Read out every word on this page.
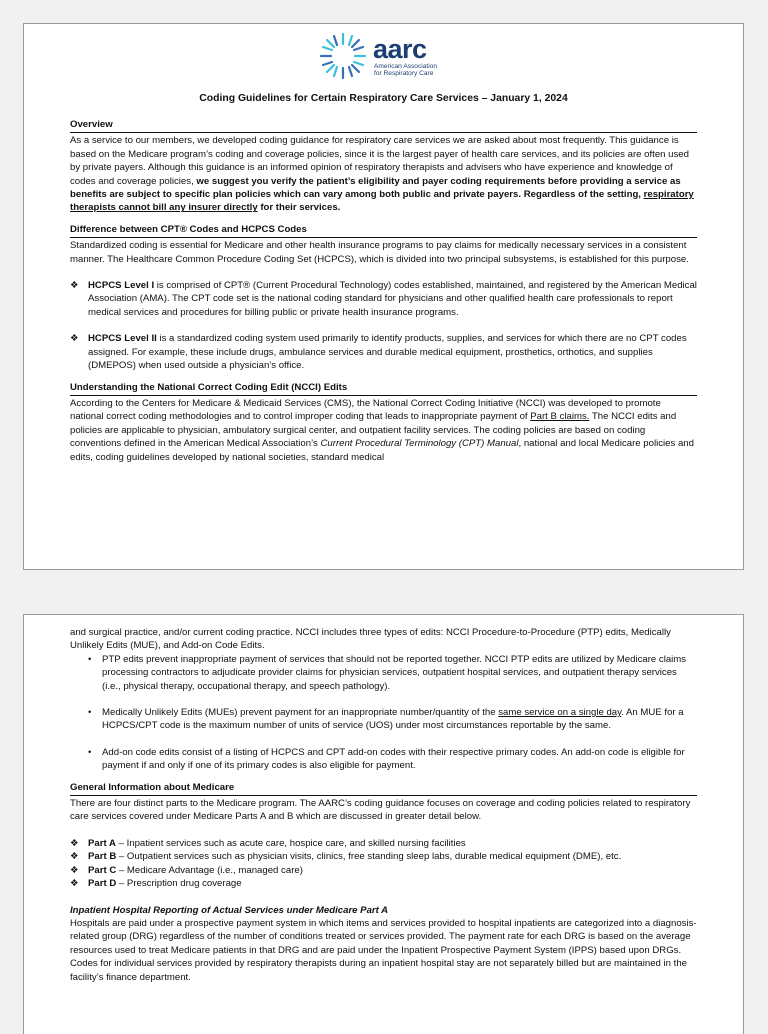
aarc
American Association
for Respiratory Care
Coding Guidelines for Certain Respiratory Care Services – January 1, 2024
Overview

As a service to our members, we developed coding guidance for respiratory care services we are asked about most frequently. This guidance is based on the Medicare program’s coding and coverage policies, since it is the largest payer of health care services, and its policies are often used by private payers. Although this guidance is an informed opinion of respiratory therapists and advisers who have experience and knowledge of codes and coverage policies, we suggest you verify the patient’s eligibility and payer coding requirements before providing a service as benefits are subject to specific plan policies which can vary among both public and private payers. Regardless of the setting, respiratory therapists cannot bill any insurer directly for their services.

Difference between CPT® Codes and HCPCS Codes

Standardized coding is essential for Medicare and other health insurance programs to pay claims for medically necessary services in a consistent manner. The Healthcare Common Procedure Coding Set (HCPCS), which is divided into two principal subsystems, is established for this purpose.

❖ HCPCS Level I is comprised of CPT® (Current Procedural Technology) codes established, maintained, and registered by the American Medical Association (AMA). The CPT code set is the national coding standard for physicians and other qualified health care professionals to report medical services and procedures for billing public or private health insurance programs.
❖ HCPCS Level II is a standardized coding system used primarily to identify products, supplies, and services for which there are no CPT codes assigned. For example, these include drugs, ambulance services and durable medical equipment, prosthetics, orthotics, and supplies (DMEPOS) when used outside a physician’s office.
Understanding the National Correct Coding Edit (NCCI) Edits

According to the Centers for Medicare & Medicaid Services (CMS), the National Correct Coding Initiative (NCCI) was developed to promote national correct coding methodologies and to control improper coding that leads to inappropriate payment of Part B claims. The NCCI edits and policies are applicable to physician, ambulatory surgical center, and outpatient facility services. The coding policies are based on coding conventions defined in the American Medical Association’s Current Procedural Terminology (CPT) Manual, national and local Medicare policies and edits, coding guidelines developed by national societies, standard medical

and surgical practice, and/or current coding practice. NCCI includes three types of edits: NCCI Procedure-to-Procedure (PTP) edits, Medically Unlikely Edits (MUE), and Add-on Code Edits.

• PTP edits prevent inappropriate payment of services that should not be reported together. NCCI PTP edits are utilized by Medicare claims processing contractors to adjudicate provider claims for physician services, outpatient hospital services, and outpatient therapy services (i.e., physical therapy, occupational therapy, and speech pathology).
• Medically Unlikely Edits (MUEs) prevent payment for an inappropriate number/quantity of the same service on a single day. An MUE for a HCPCS/CPT code is the maximum number of units of service (UOS) under most circumstances reportable by the same.
• Add-on code edits consist of a listing of HCPCS and CPT add-on codes with their respective primary codes. An add-on code is eligible for payment if and only if one of its primary codes is also eligible for payment.
General Information about Medicare

There are four distinct parts to the Medicare program. The AARC’s coding guidance focuses on coverage and coding policies related to respiratory care services covered under Medicare Parts A and B which are discussed in greater detail below.

❖ Part A – Inpatient services such as acute care, hospice care, and skilled nursing facilities
❖ Part B – Outpatient services such as physician visits, clinics, free standing sleep labs, durable medical equipment (DME), etc.
❖ Part C – Medicare Advantage (i.e., managed care)
❖ Part D – Prescription drug coverage
Inpatient Hospital Reporting of Actual Services under Medicare Part A

Hospitals are paid under a prospective payment system in which items and services provided to hospital inpatients are categorized into a diagnosis-related group (DRG) regardless of the number of conditions treated or services provided. The payment rate for each DRG is based on the average resources used to treat Medicare patients in that DRG and are paid under the Inpatient Prospective Payment System (IPPS) based upon DRGs. Codes for individual services provided by respiratory therapists during an inpatient hospital stay are not separately billed but are maintained in the facility’s finance department.
